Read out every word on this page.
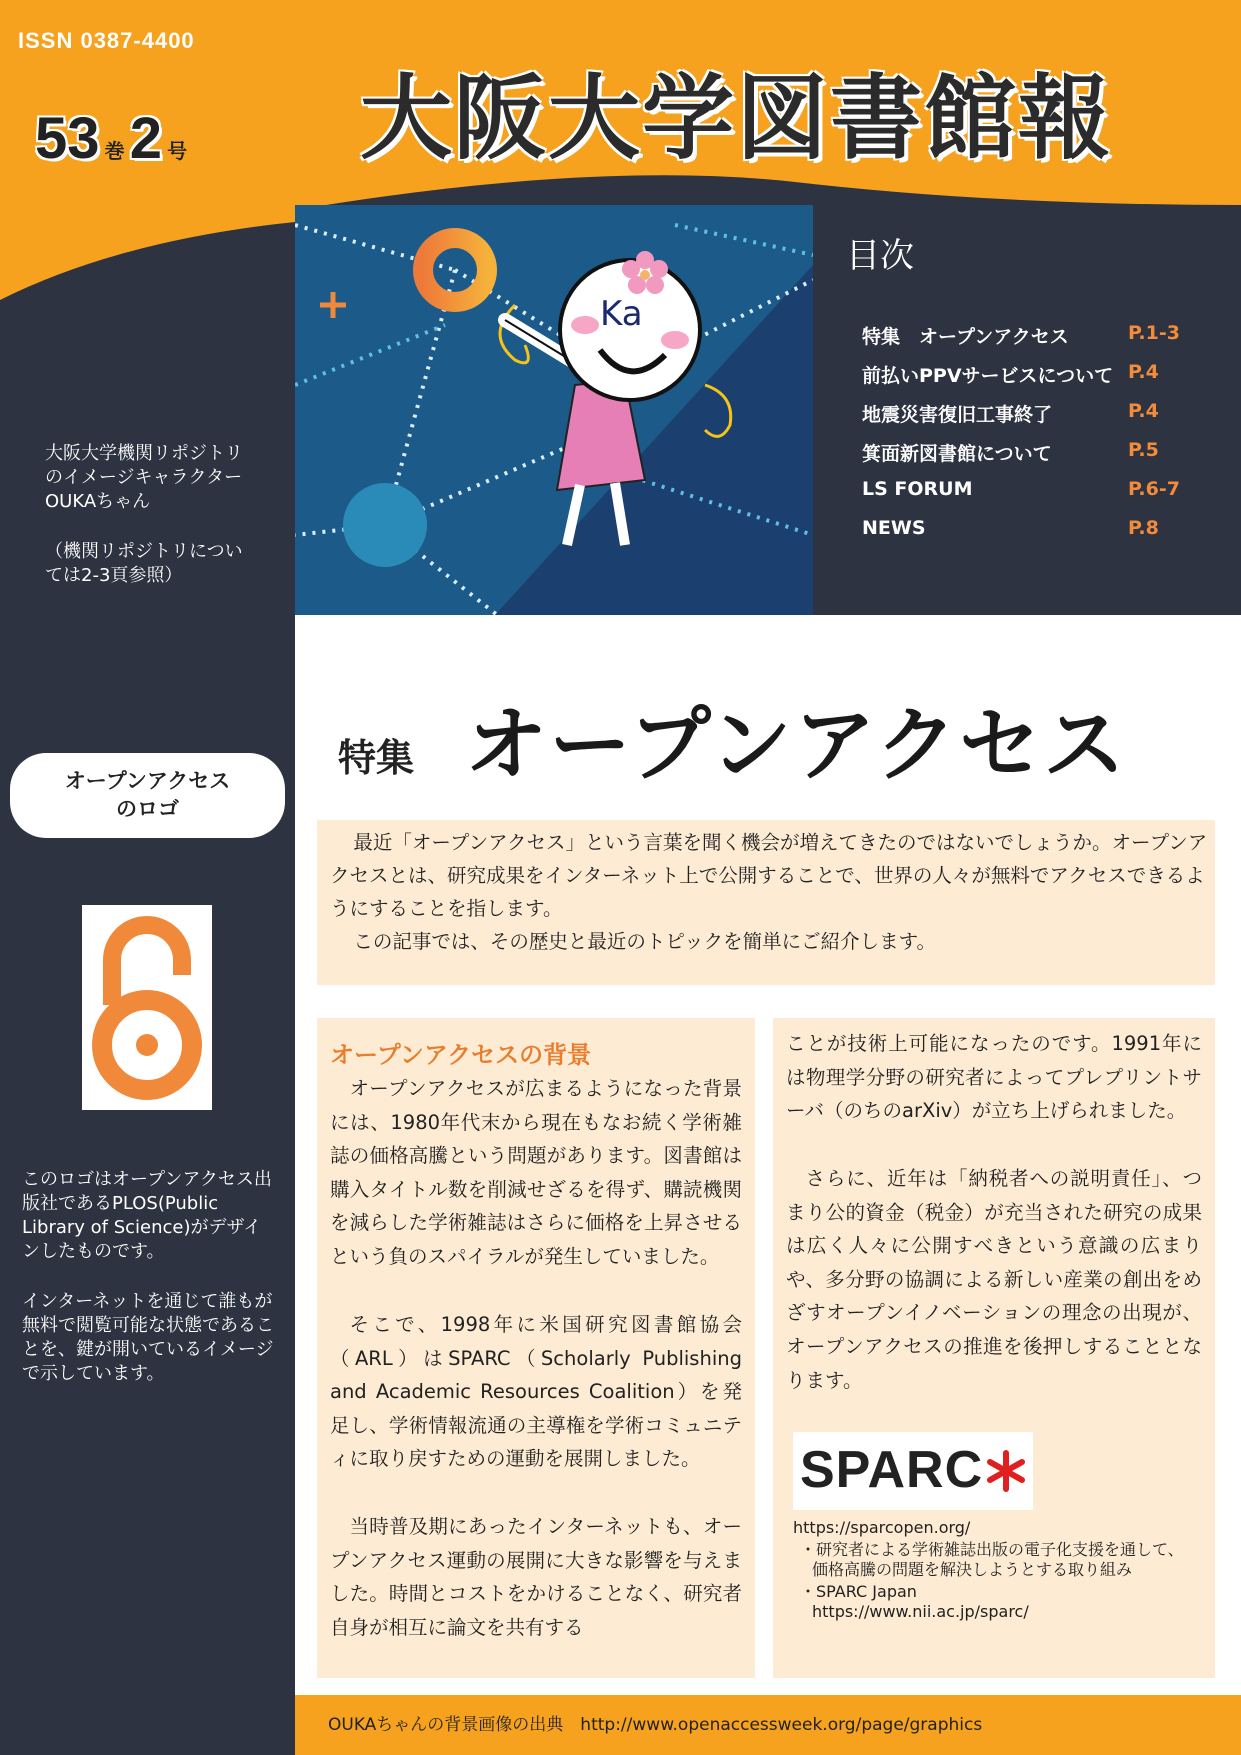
ISSN 0387-4400
53 巻 2 号 大阪大学図書館報
Ka
目次
特集　オープンアクセス	P.1-3
前払いPPVサービスについて P.4
地震災害復旧工事終了	P.4
箕面新図書館について	P.5
LS FORUM	P.6-7
NEWS	P.8
大阪大学機関リポジトリのイメージキャラクター　OUKAちゃん
（機関リポジトリについては2-3頁参照）
オープンアクセス
のロゴ
このロゴはオープンアクセス出版社であるPLOS(Public Library of Science)がデザインしたものです。
インターネットを通じて誰もが無料で閲覧可能な状態であることを、鍵が開いているイメージで示しています。
特集 オープンアクセス
最近「オープンアクセス」という言葉を聞く機会が増えてきたのではないでしょうか。オープンアクセスとは、研究成果をインターネット上で公開することで、世界の人々が無料でアクセスできるようにすることを指します。
この記事では、その歴史と最近のトピックを簡単にご紹介します。
オープンアクセスの背景
オープンアクセスが広まるようになった背景には、1980年代末から現在もなお続く学術雑誌の価格高騰という問題があります。図書館は購入タイトル数を削減せざるを得ず、購読機関を減らした学術雑誌はさらに価格を上昇させるという負のスパイラルが発生していました。
そこで、1998年に米国研究図書館協会（ARL）はSPARC（Scholarly Publishing and Academic Resources Coalition）を発足し、学術情報流通の主導権を学術コミュニティに取り戻すための運動を展開しました。
当時普及期にあったインターネットも、オープンアクセス運動の展開に大きな影響を与えました。時間とコストをかけることなく、研究者自身が相互に論文を共有する
ことが技術上可能になったのです。1991年には物理学分野の研究者によってプレプリントサーバ（のちのarXiv）が立ち上げられました。
さらに、近年は「納税者への説明責任」、つまり公的資金（税金）が充当された研究の成果は広く人々に公開すべきという意識の広まりや、多分野の協調による新しい産業の創出をめざすオープンイノベーションの理念の出現が、オープンアクセスの推進を後押しすることとなります。
SPARC
https://sparcopen.org/
・研究者による学術雑誌出版の電子化支援を通して、
価格高騰の問題を解決しようとする取り組み
・SPARC Japan
https://www.nii.ac.jp/sparc/
OUKAちゃんの背景画像の出典　http://www.openaccessweek.org/page/graphics
